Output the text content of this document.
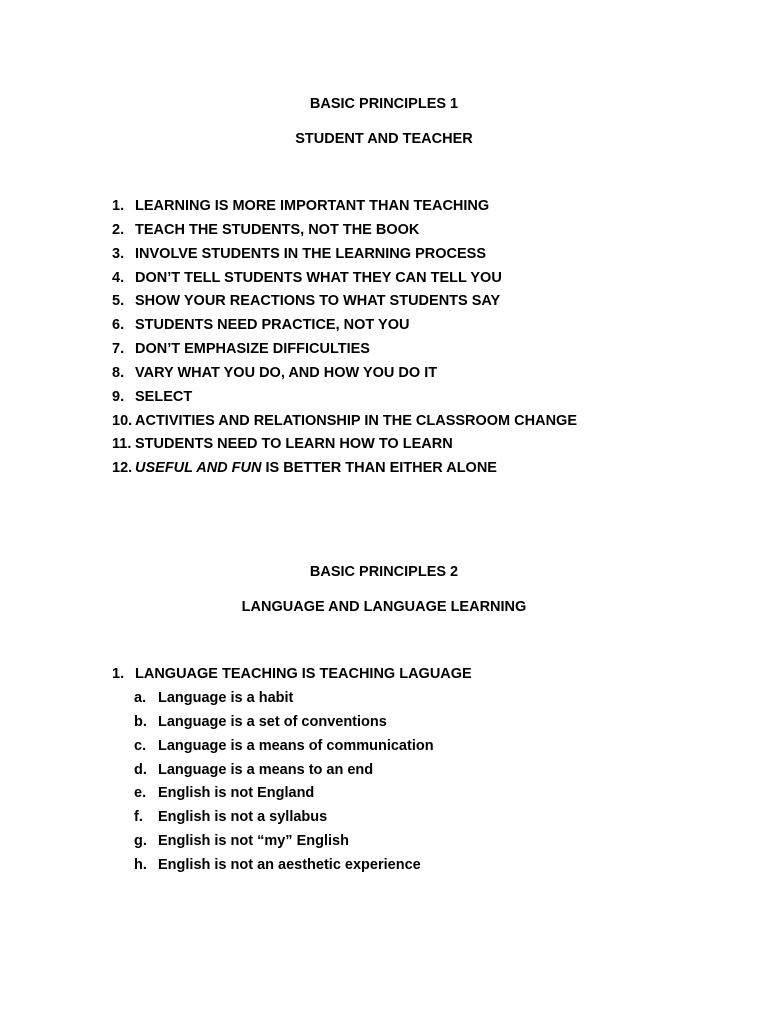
BASIC PRINCIPLES 1
STUDENT AND TEACHER
1. LEARNING IS MORE IMPORTANT THAN TEACHING
2. TEACH THE STUDENTS, NOT THE BOOK
3. INVOLVE STUDENTS IN THE LEARNING PROCESS
4. DON’T TELL STUDENTS WHAT THEY CAN TELL YOU
5. SHOW YOUR REACTIONS TO WHAT STUDENTS SAY
6. STUDENTS NEED PRACTICE, NOT YOU
7. DON’T EMPHASIZE DIFFICULTIES
8. VARY WHAT YOU DO, AND HOW YOU DO IT
9. SELECT
10. ACTIVITIES AND RELATIONSHIP IN THE CLASSROOM CHANGE
11. STUDENTS NEED TO LEARN HOW TO LEARN
12. USEFUL AND FUN IS BETTER THAN EITHER ALONE
BASIC PRINCIPLES 2
LANGUAGE AND LANGUAGE LEARNING
1. LANGUAGE TEACHING IS TEACHING LAGUAGE
a. Language is a habit
b. Language is a set of conventions
c. Language is a means of communication
d. Language is a means to an end
e. English is not England
f. English is not a syllabus
g. English is not “my” English
h. English is not an aesthetic experience
